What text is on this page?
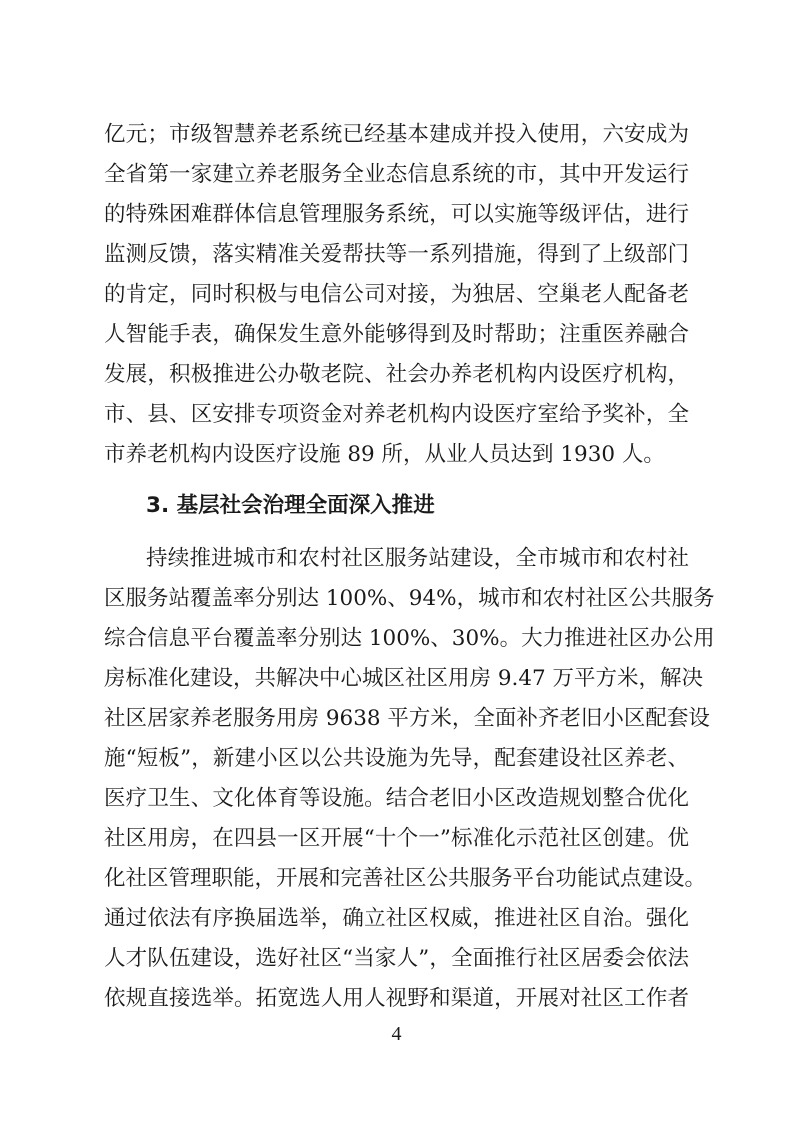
亿元；市级智慧养老系统已经基本建成并投入使用，六安成为
全省第一家建立养老服务全业态信息系统的市，其中开发运行
的特殊困难群体信息管理服务系统，可以实施等级评估，进行
监测反馈，落实精准关爱帮扶等一系列措施，得到了上级部门
的肯定，同时积极与电信公司对接，为独居、空巢老人配备老
人智能手表，确保发生意外能够得到及时帮助；注重医养融合
发展，积极推进公办敬老院、社会办养老机构内设医疗机构，
市、县、区安排专项资金对养老机构内设医疗室给予奖补，全
市养老机构内设医疗设施 89 所，从业人员达到 1930 人。
3. 基层社会治理全面深入推进
持续推进城市和农村社区服务站建设，全市城市和农村社
区服务站覆盖率分别达 100%、94%，城市和农村社区公共服务
综合信息平台覆盖率分别达 100%、30%。大力推进社区办公用
房标准化建设，共解决中心城区社区用房 9.47 万平方米，解决
社区居家养老服务用房 9638 平方米，全面补齐老旧小区配套设
施“短板”，新建小区以公共设施为先导，配套建设社区养老、
医疗卫生、文化体育等设施。结合老旧小区改造规划整合优化
社区用房，在四县一区开展“十个一”标准化示范社区创建。优
化社区管理职能，开展和完善社区公共服务平台功能试点建设。
通过依法有序换届选举，确立社区权威，推进社区自治。强化
人才队伍建设，选好社区“当家人”，全面推行社区居委会依法
依规直接选举。拓宽选人用人视野和渠道，开展对社区工作者
4
